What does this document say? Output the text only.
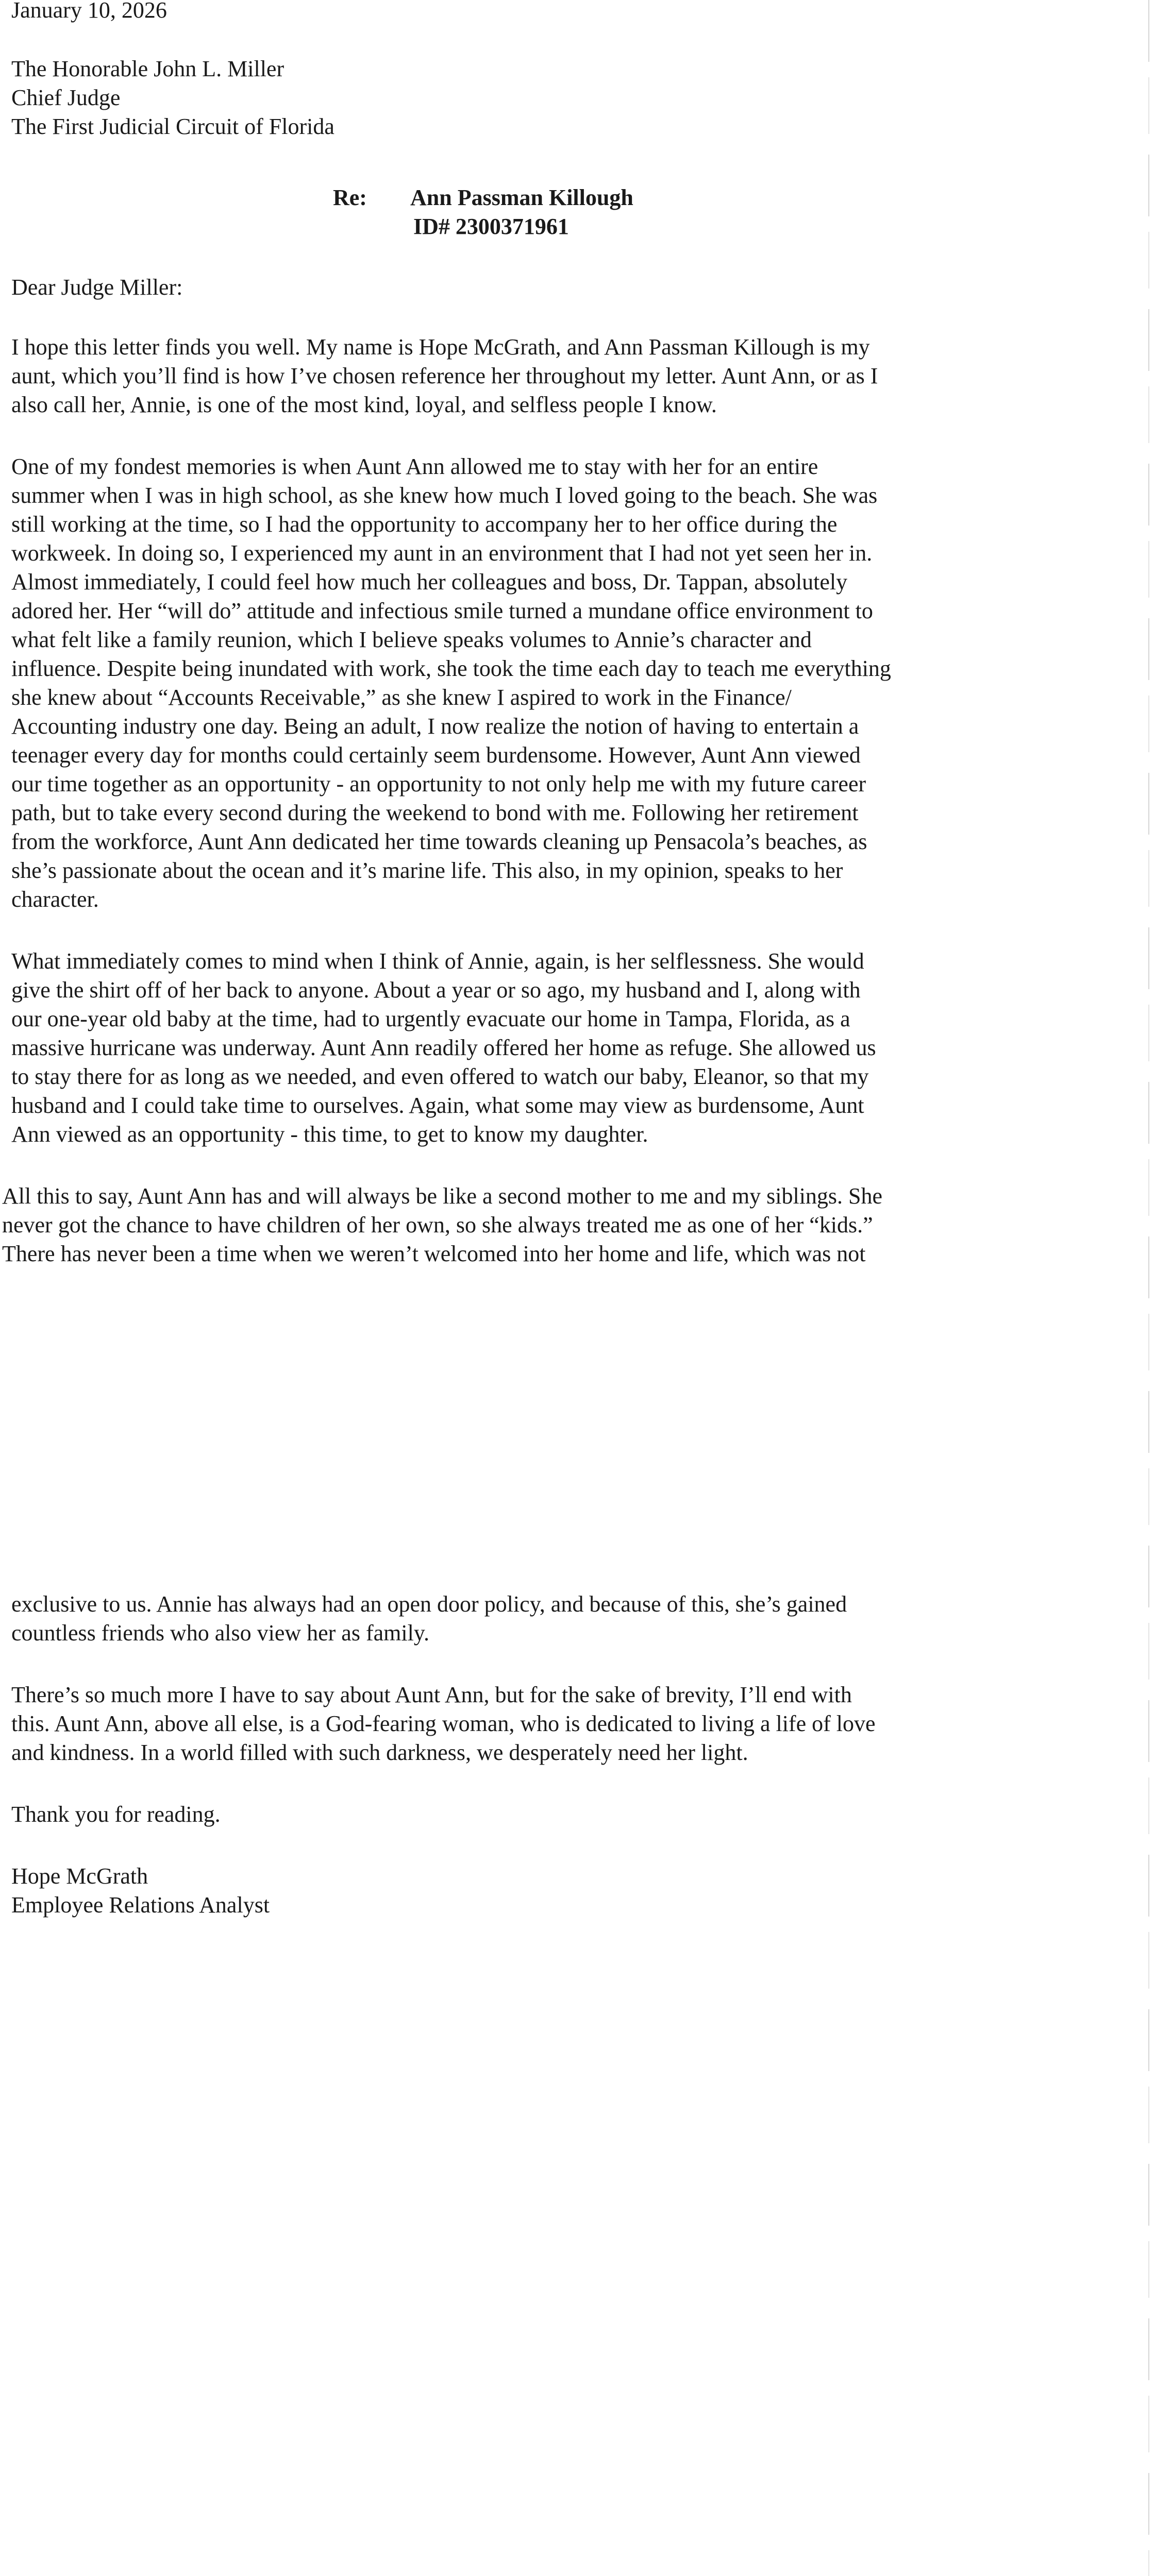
January 10, 2026
The Honorable John L. Miller
Chief Judge
The First Judicial Circuit of Florida
Re: Ann Passman Killough
ID# 2300371961
Dear Judge Miller:
I hope this letter finds you well. My name is Hope McGrath, and Ann Passman Killough is my
aunt, which you’ll find is how I’ve chosen reference her throughout my letter. Aunt Ann, or as I
also call her, Annie, is one of the most kind, loyal, and selfless people I know.
One of my fondest memories is when Aunt Ann allowed me to stay with her for an entire
summer when I was in high school, as she knew how much I loved going to the beach. She was
still working at the time, so I had the opportunity to accompany her to her office during the
workweek. In doing so, I experienced my aunt in an environment that I had not yet seen her in.
Almost immediately, I could feel how much her colleagues and boss, Dr. Tappan, absolutely
adored her. Her “will do” attitude and infectious smile turned a mundane office environment to
what felt like a family reunion, which I believe speaks volumes to Annie’s character and
influence. Despite being inundated with work, she took the time each day to teach me everything
she knew about “Accounts Receivable,” as she knew I aspired to work in the Finance/
Accounting industry one day. Being an adult, I now realize the notion of having to entertain a
teenager every day for months could certainly seem burdensome. However, Aunt Ann viewed
our time together as an opportunity - an opportunity to not only help me with my future career
path, but to take every second during the weekend to bond with me. Following her retirement
from the workforce, Aunt Ann dedicated her time towards cleaning up Pensacola’s beaches, as
she’s passionate about the ocean and it’s marine life. This also, in my opinion, speaks to her
character.
What immediately comes to mind when I think of Annie, again, is her selflessness. She would
give the shirt off of her back to anyone. About a year or so ago, my husband and I, along with
our one-year old baby at the time, had to urgently evacuate our home in Tampa, Florida, as a
massive hurricane was underway. Aunt Ann readily offered her home as refuge. She allowed us
to stay there for as long as we needed, and even offered to watch our baby, Eleanor, so that my
husband and I could take time to ourselves. Again, what some may view as burdensome, Aunt
Ann viewed as an opportunity - this time, to get to know my daughter.
All this to say, Aunt Ann has and will always be like a second mother to me and my siblings. She
never got the chance to have children of her own, so she always treated me as one of her “kids.”
There has never been a time when we weren’t welcomed into her home and life, which was not
exclusive to us. Annie has always had an open door policy, and because of this, she’s gained
countless friends who also view her as family.
There’s so much more I have to say about Aunt Ann, but for the sake of brevity, I’ll end with
this. Aunt Ann, above all else, is a God-fearing woman, who is dedicated to living a life of love
and kindness. In a world filled with such darkness, we desperately need her light.
Thank you for reading.
Hope McGrath
Employee Relations Analyst
